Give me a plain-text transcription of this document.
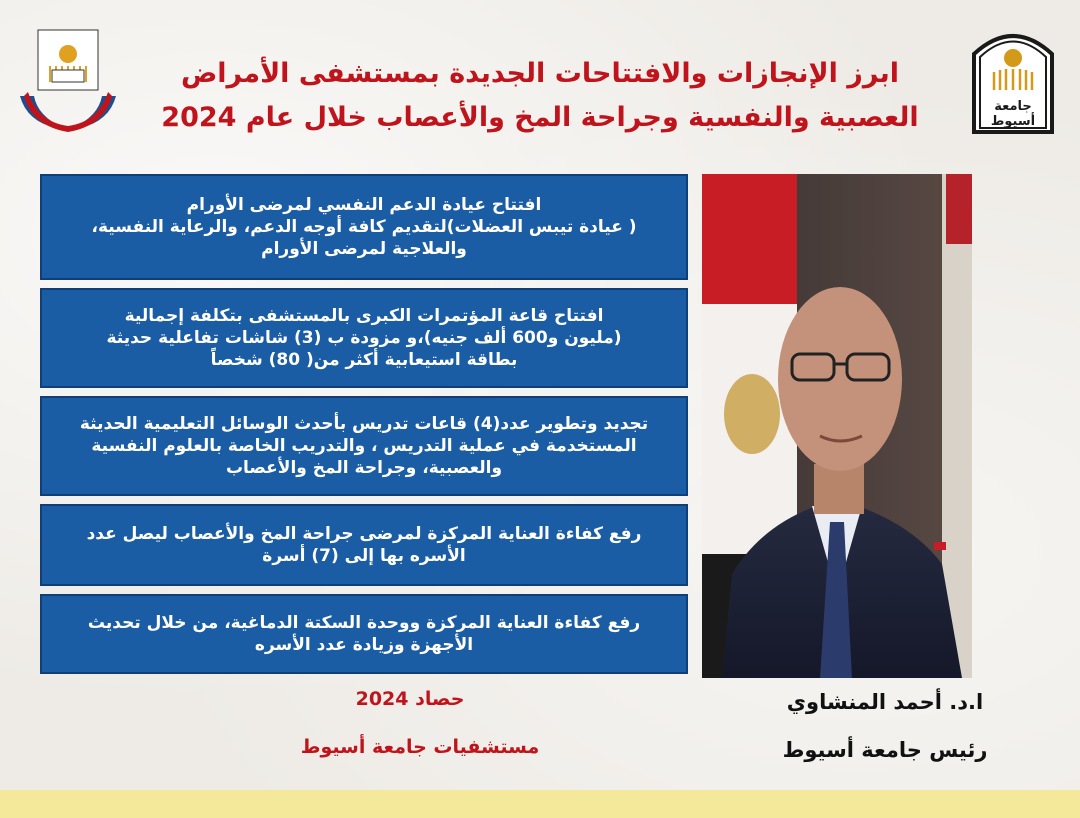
جامعة
أسيوط
ابرز الإنجازات والافتتاحات الجديدة بمستشفى الأمراض
العصبية والنفسية وجراحة المخ والأعصاب خلال عام 2024
افتتاح عيادة الدعم النفسي لمرضى الأورام
( عيادة تيبس العضلات)لتقديم كافة أوجه الدعم، والرعاية النفسية،
والعلاجية لمرضى الأورام
افتتاح قاعة المؤتمرات الكبرى بالمستشفى بتكلفة إجمالية
(مليون و600 ألف جنيه)،و مزودة ب (3) شاشات تفاعلية حديثة
بطاقة استيعابية أكثر من( 80) شخصاً
تجديد وتطوير عدد(4) قاعات تدريس بأحدث الوسائل التعليمية الحديثة
المستخدمة في عملية التدريس ، والتدريب الخاصة بالعلوم النفسية
والعصبية، وجراحة المخ والأعصاب
رفع كفاءة العناية المركزة لمرضى جراحة المخ والأعصاب ليصل عدد
الأسره بها إلى (7) أسرة
رفع كفاءة العناية المركزة ووحدة السكتة الدماغية، من خلال تحديث
الأجهزة وزيادة عدد الأسره
حصاد 2024
مستشفيات جامعة أسيوط
ا.د. أحمد المنشاوي
رئيس جامعة أسيوط
